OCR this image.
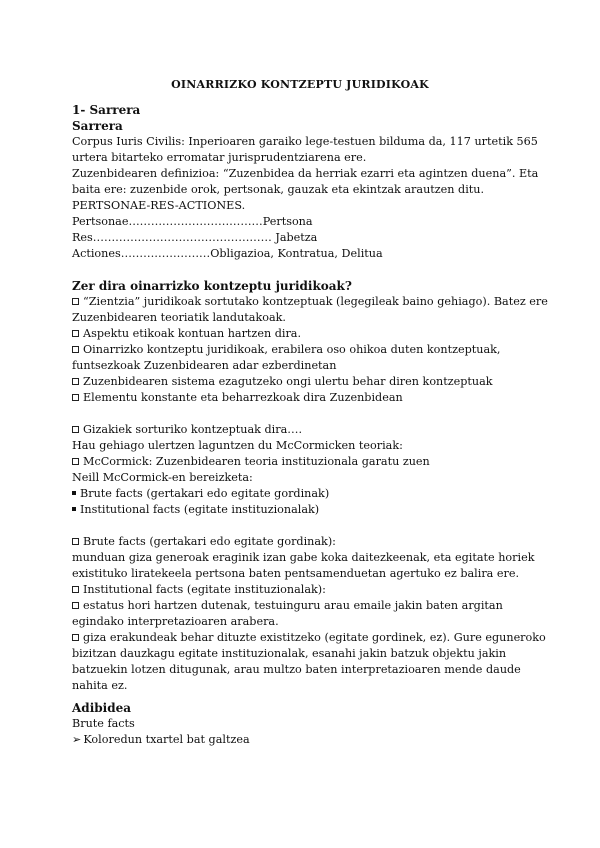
OINARRIZKO KONTZEPTU JURIDIKOAK
1- Sarrera
Sarrera
Corpus Iuris Civilis: Inperioaren garaiko lege-testuen bilduma da, 117 urtetik 565
urtera bitarteko erromatar jurisprudentziarena ere.
Zuzenbidearen definizioa: “Zuzenbidea da herriak ezarri eta agintzen duena”. Eta
baita ere: zuzenbide orok, pertsonak, gauzak eta ekintzak arautzen ditu.
PERTSONAE-RES-ACTIONES.
Pertsonae………………………………Pertsona
Res………………………………………… Jabetza
Actiones……………………Obligazioa, Kontratua, Delitua
Zer dira oinarrizko kontzeptu juridikoak?
“Zientzia” juridikoak sortutako kontzeptuak (legegileak baino gehiago). Batez ere
Zuzenbidearen teoriatik landutakoak.
Aspektu etikoak kontuan hartzen dira.
Oinarrizko kontzeptu juridikoak, erabilera oso ohikoa duten kontzeptuak,
funtsezkoak Zuzenbidearen adar ezberdinetan
Zuzenbidearen sistema ezagutzeko ongi ulertu behar diren kontzeptuak
Elementu konstante eta beharrezkoak dira Zuzenbidean
Gizakiek sorturiko kontzeptuak dira….
Hau gehiago ulertzen laguntzen du McCormicken teoriak:
McCormick: Zuzenbidearen teoria instituzionala garatu zuen
Neill McCormick-en bereizketa:
Brute facts (gertakari edo egitate gordinak)
Institutional facts (egitate instituzionalak)
Brute facts (gertakari edo egitate gordinak):
munduan giza generoak eraginik izan gabe koka daitezkeenak, eta egitate horiek
existituko liratekeela pertsona baten pentsamenduetan agertuko ez balira ere.
Institutional facts (egitate instituzionalak):
estatus hori hartzen dutenak, testuinguru arau emaile jakin baten argitan
egindako interpretazioaren arabera.
giza erakundeak behar dituzte existitzeko (egitate gordinek, ez). Gure eguneroko
bizitzan dauzkagu egitate instituzionalak, esanahi jakin batzuk objektu jakin
batzuekin lotzen ditugunak, arau multzo baten interpretazioaren mende daude
nahita ez.
Adibidea
Brute facts
➢ Koloredun txartel bat galtzea
